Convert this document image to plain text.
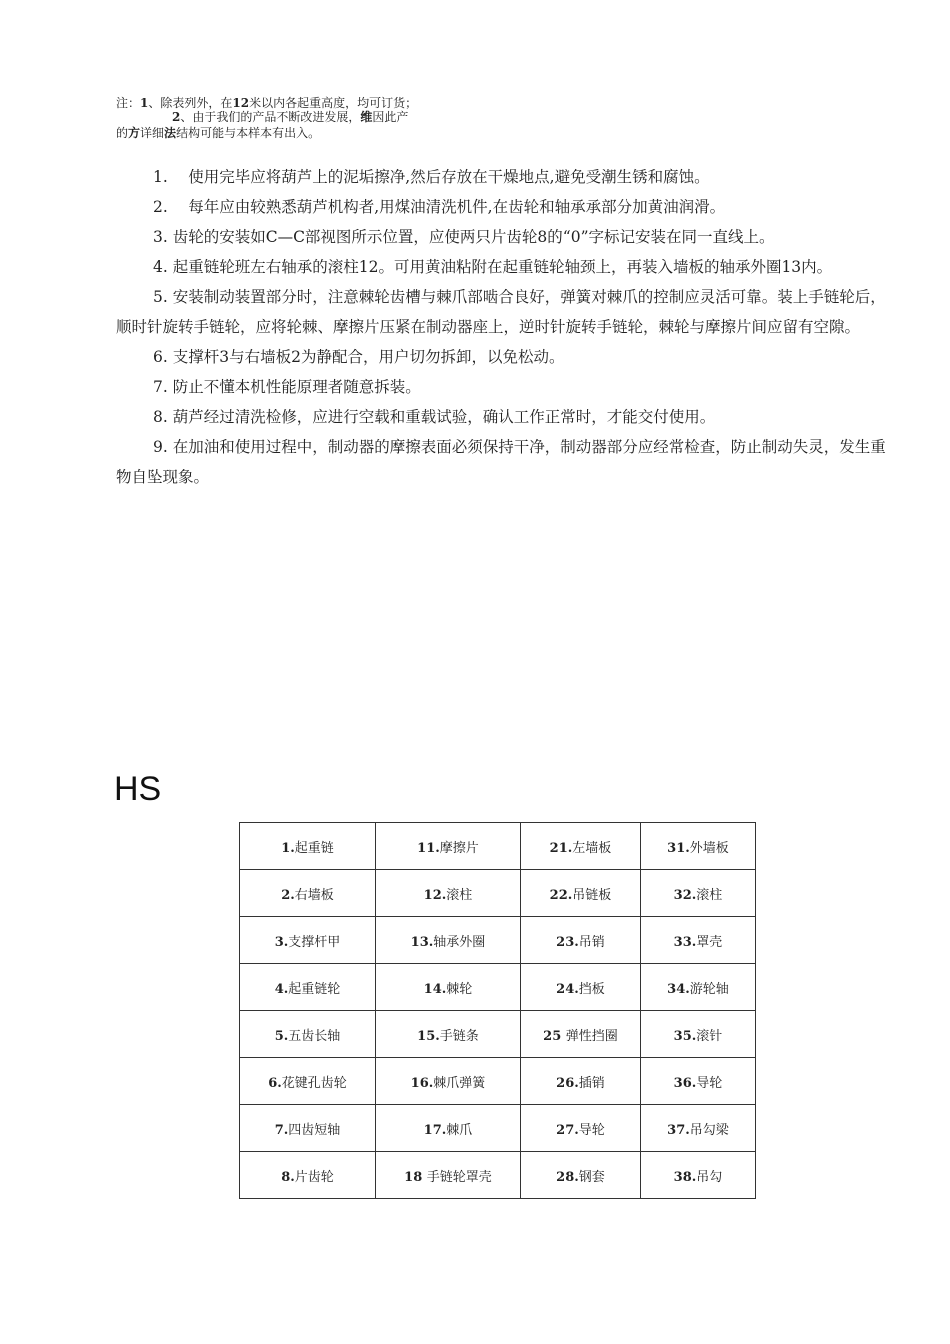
注：1、除表列外，在12米以内各起重高度，均可订货；
2、由于我们的产品不断改进发展，维因此产
的方详细法结构可能与本样本有出入。

1.　 使用完毕应将葫芦上的泥垢擦净,然后存放在干燥地点,避免受潮生锈和腐蚀。

2.　 每年应由较熟悉葫芦机构者,用煤油清洗机件,在齿轮和轴承承部分加黄油润滑。

3. 齿轮的安装如C—C部视图所示位置，应使两只片齿轮8的“0”字标记安装在同一直线上。

4. 起重链轮班左右轴承的滚柱12。可用黄油粘附在起重链轮轴颈上，再装入墙板的轴承外圈13内。

5. 安装制动装置部分时，注意棘轮齿槽与棘爪部啮合良好，弹簧对棘爪的控制应灵活可靠。装上手链轮后，顺时针旋转手链轮，应将轮棘、摩擦片压紧在制动器座上，逆时针旋转手链轮，棘轮与摩擦片间应留有空隙。

6. 支撑杆3与右墙板2为静配合，用户切勿拆卸，以免松动。

7. 防止不懂本机性能原理者随意拆装。

8. 葫芦经过清洗检修，应进行空载和重载试验，确认工作正常时，才能交付使用。

9. 在加油和使用过程中，制动器的摩擦表面必须保持干净，制动器部分应经常检查，防止制动失灵，发生重物自坠现象。

HS
1.起重链	11.摩擦片	21.左墙板	31.外墙板
2.右墙板	12.滚柱	22.吊链板	32.滚柱
3.支撑杆甲	13.轴承外圈	23.吊销	33.罩壳
4.起重链轮	14.棘轮	24.挡板	34.游轮轴
5.五齿长轴	15.手链条	25 弹性挡圈	35.滚针
6.花键孔齿轮	16.棘爪弹簧	26.插销	36.导轮
7.四齿短轴	17.棘爪	27.导轮	37.吊勾梁
8.片齿轮	18 手链轮罩壳	28.钢套	38.吊勾
